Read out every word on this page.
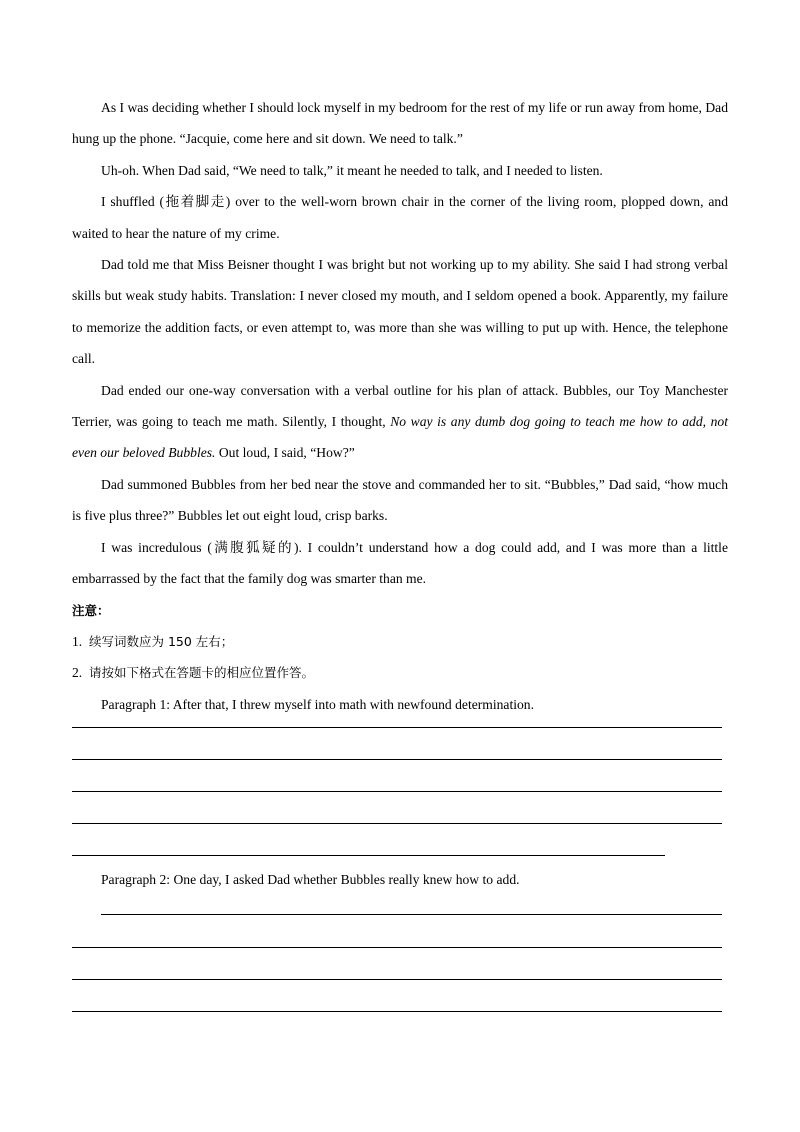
As I was deciding whether I should lock myself in my bedroom for the rest of my life or run away from home, Dad hung up the phone. “Jacquie, come here and sit down. We need to talk.”

Uh-oh. When Dad said, “We need to talk,” it meant he needed to talk, and I needed to listen.

I shuffled (拖着脚走) over to the well-worn brown chair in the corner of the living room, plopped down, and waited to hear the nature of my crime.

Dad told me that Miss Beisner thought I was bright but not working up to my ability. She said I had strong verbal skills but weak study habits. Translation: I never closed my mouth, and I seldom opened a book. Apparently, my failure to memorize the addition facts, or even attempt to, was more than she was willing to put up with. Hence, the telephone call.

Dad ended our one-way conversation with a verbal outline for his plan of attack. Bubbles, our Toy Manchester Terrier, was going to teach me math. Silently, I thought, No way is any dumb dog going to teach me how to add, not even our beloved Bubbles. Out loud, I said, “How?”

Dad summoned Bubbles from her bed near the stove and commanded her to sit. “Bubbles,” Dad said, “how much is five plus three?” Bubbles let out eight loud, crisp barks.

I was incredulous (满腹狐疑的). I couldn’t understand how a dog could add, and I was more than a little embarrassed by the fact that the family dog was smarter than me.

注意：

1. 续写词数应为 150 左右；

2. 请按如下格式在答题卡的相应位置作答。

Paragraph 1: After that, I threw myself into math with newfound determination.

Paragraph 2: One day, I asked Dad whether Bubbles really knew how to add.
